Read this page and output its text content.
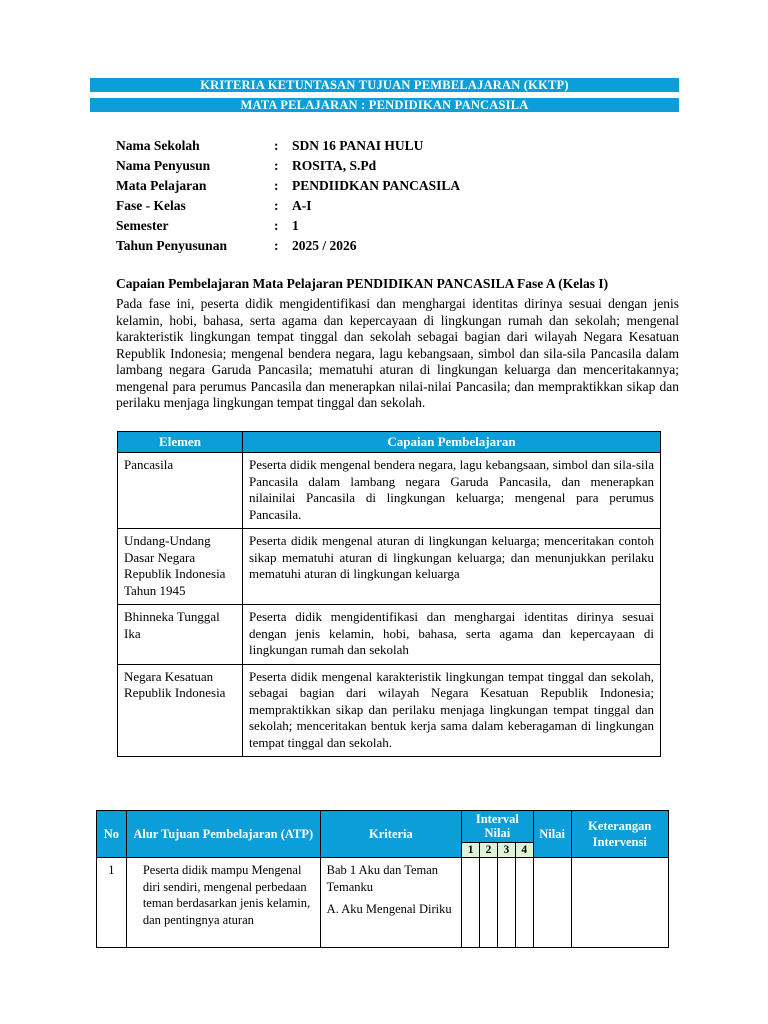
KRITERIA KETUNTASAN TUJUAN PEMBELAJARAN (KKTP)
MATA PELAJARAN : PENDIDIKAN PANCASILA
Nama Sekolah	:	SDN 16 PANAI HULU
Nama Penyusun	:	ROSITA, S.Pd
Mata Pelajaran	:	PENDIIDKAN PANCASILA
Fase - Kelas	:	A-I
Semester	:	1
Tahun Penyusunan	:	2025 / 2026
Capaian Pembelajaran Mata Pelajaran PENDIDIKAN PANCASILA Fase A (Kelas I)
Pada fase ini, peserta didik mengidentifikasi dan menghargai identitas dirinya sesuai dengan jenis kelamin, hobi, bahasa, serta agama dan kepercayaan di lingkungan rumah dan sekolah; mengenal karakteristik lingkungan tempat tinggal dan sekolah sebagai bagian dari wilayah Negara Kesatuan Republik Indonesia; mengenal bendera negara, lagu kebangsaan, simbol dan sila-sila Pancasila dalam lambang negara Garuda Pancasila; mematuhi aturan di lingkungan keluarga dan menceritakannya; mengenal para perumus Pancasila dan menerapkan nilai-nilai Pancasila; dan mempraktikkan sikap dan perilaku menjaga lingkungan tempat tinggal dan sekolah.
Elemen	Capaian Pembelajaran
Pancasila	Peserta didik mengenal bendera negara, lagu kebangsaan, simbol dan sila-sila Pancasila dalam lambang negara Garuda Pancasila, dan menerapkan nilainilai Pancasila di lingkungan keluarga; mengenal para perumus Pancasila.
Undang-Undang Dasar Negara Republik Indonesia Tahun 1945	Peserta didik mengenal aturan di lingkungan keluarga; menceritakan contoh sikap mematuhi aturan di lingkungan keluarga; dan menunjukkan perilaku mematuhi aturan di lingkungan keluarga
Bhinneka Tunggal Ika	Peserta didik mengidentifikasi dan menghargai identitas dirinya sesuai dengan jenis kelamin, hobi, bahasa, serta agama dan kepercayaan di lingkungan rumah dan sekolah
Negara Kesatuan Republik Indonesia	Peserta didik mengenal karakteristik lingkungan tempat tinggal dan sekolah, sebagai bagian dari wilayah Negara Kesatuan Republik Indonesia; mempraktikkan sikap dan perilaku menjaga lingkungan tempat tinggal dan sekolah; menceritakan bentuk kerja sama dalam keberagaman di lingkungan tempat tinggal dan sekolah.
No	Alur Tujuan Pembelajaran (ATP)	Kriteria	Interval Nilai				Nilai	Keterangan Intervensi
			1	2	3	4		
1	Peserta didik mampu Mengenal diri sendiri, mengenal perbedaan teman berdasarkan jenis kelamin, dan pentingnya aturan	Bab 1 Aku dan Teman Temanku

A. Aku Mengenal Diriku						
